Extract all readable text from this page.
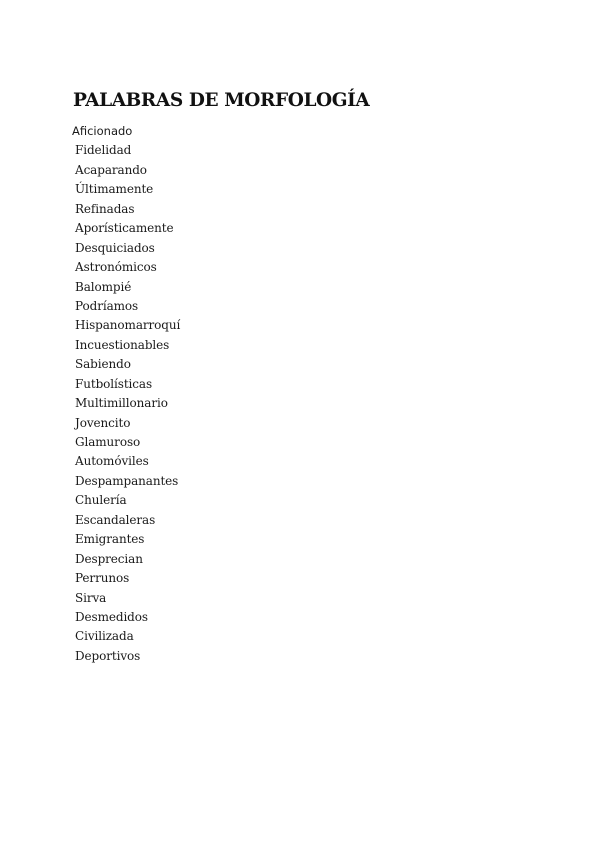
PALABRAS DE MORFOLOGÍA
Aficionado
Fidelidad
Acaparando
Últimamente
Refinadas
Aporísticamente
Desquiciados
Astronómicos
Balompié
Podríamos
Hispanomarroquí
Incuestionables
Sabiendo
Futbolísticas
Multimillonario
Jovencito
Glamuroso
Automóviles
Despampanantes
Chulería
Escandaleras
Emigrantes
Desprecian
Perrunos
Sirva
Desmedidos
Civilizada
Deportivos
